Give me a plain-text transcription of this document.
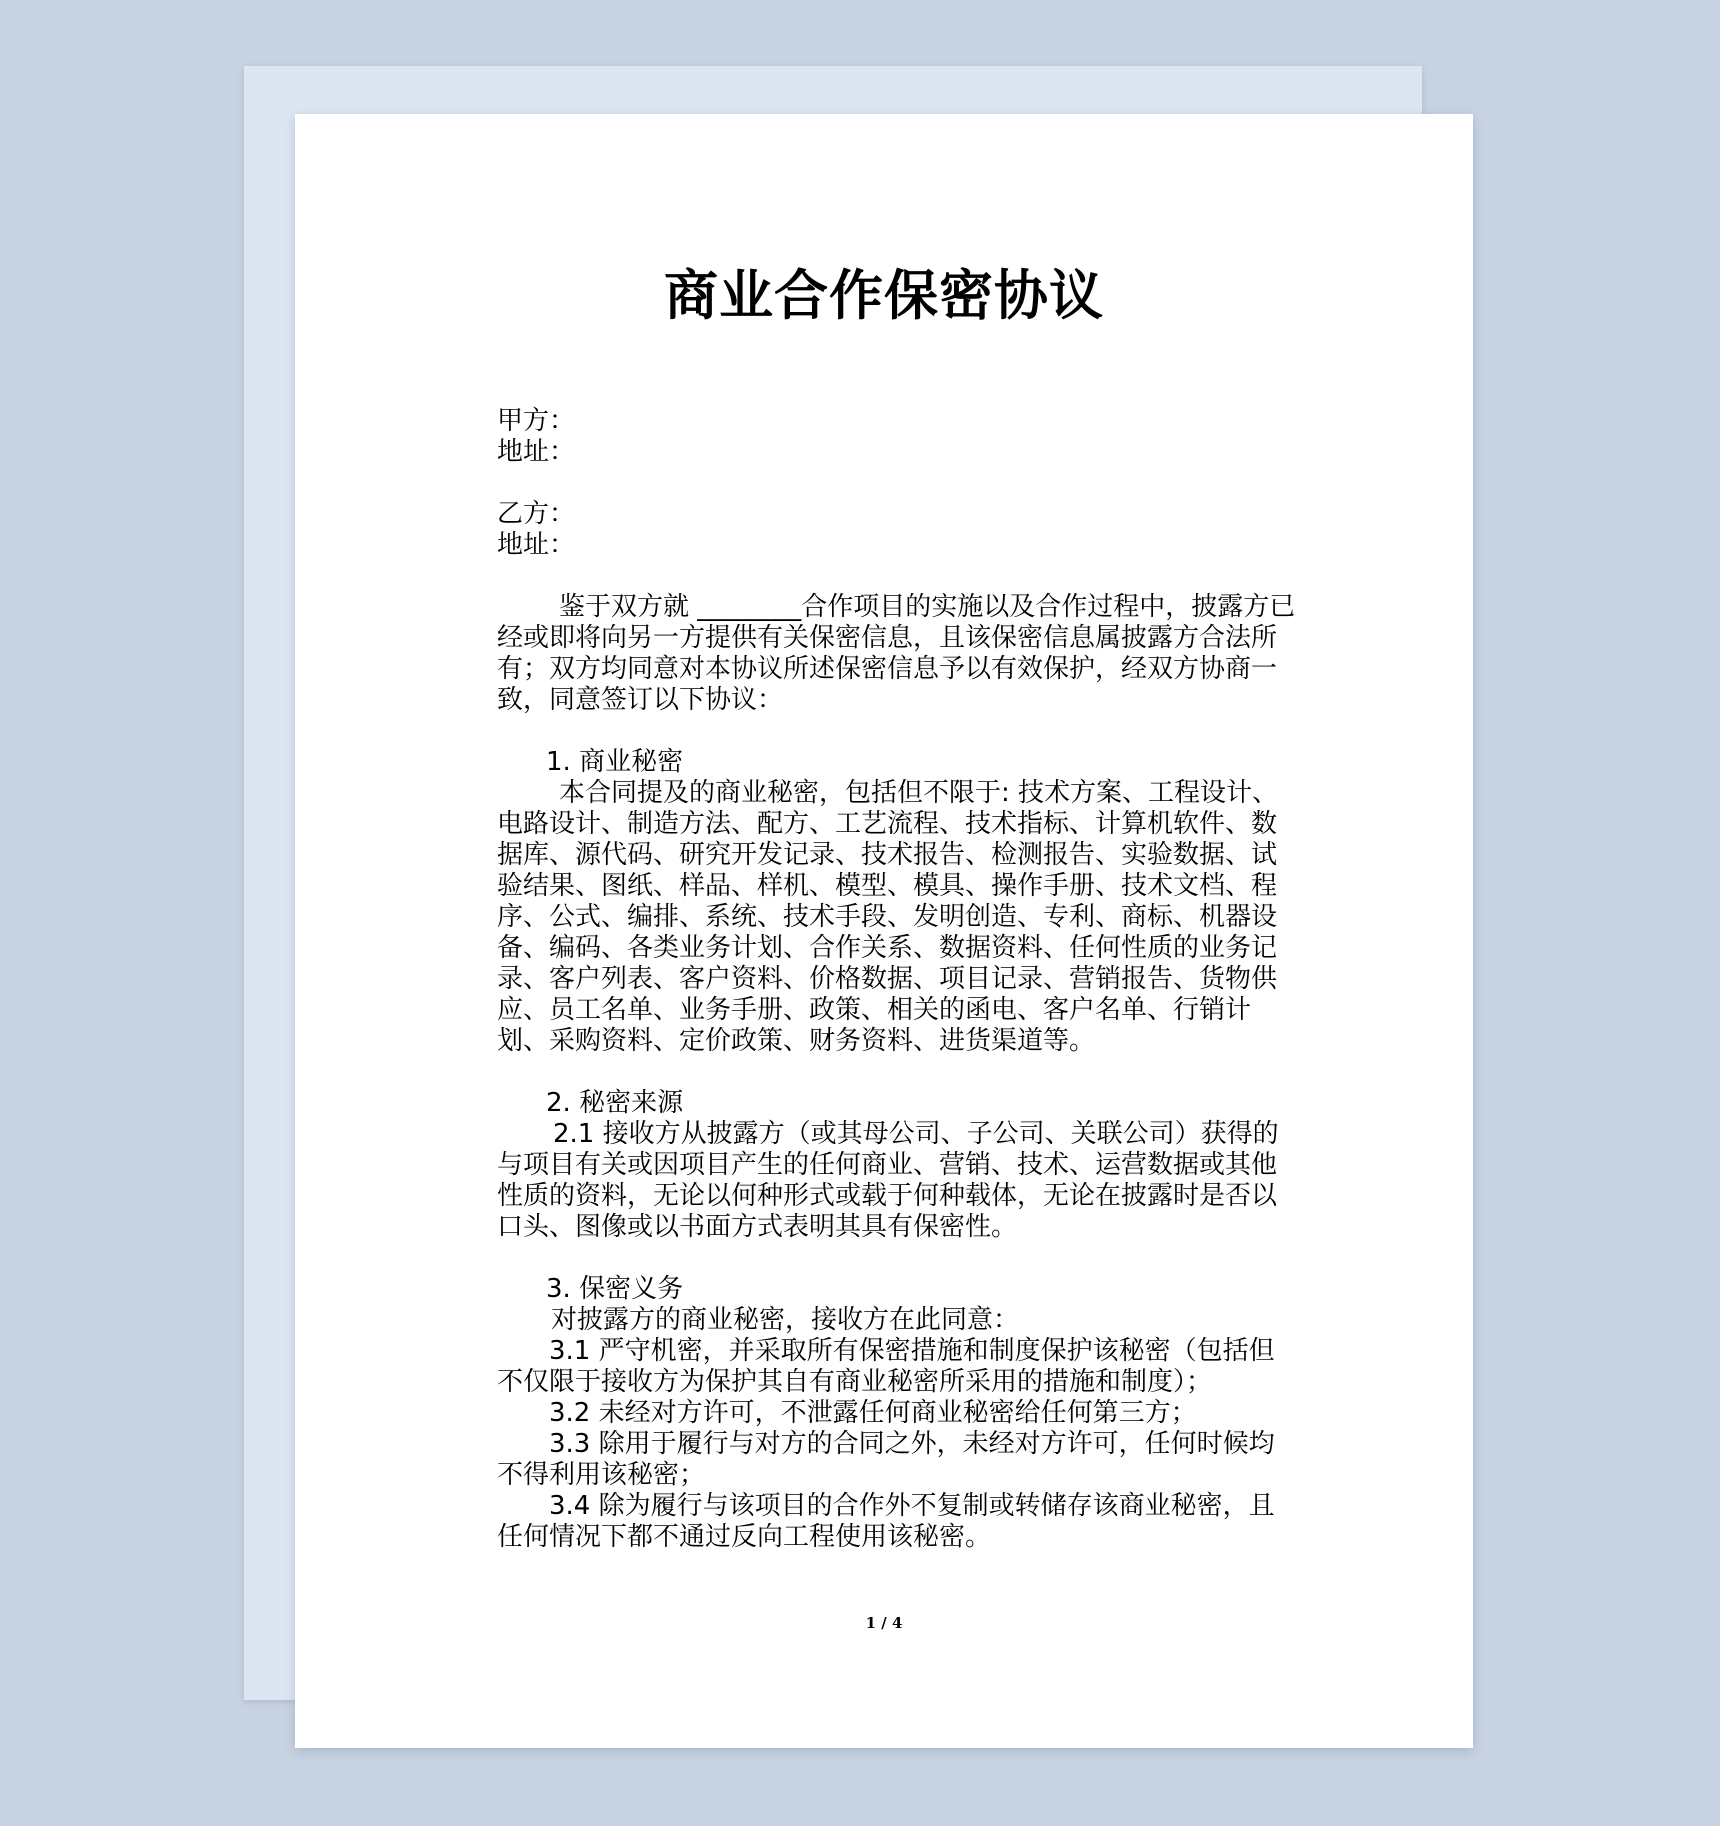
商业合作保密协议

甲方：

地址：

乙方：

地址：

鉴于双方就 ________合作项目的实施以及合作过程中，披露方已经或即将向另一方提供有关保密信息，且该保密信息属披露方合法所有；双方均同意对本协议所述保密信息予以有效保护，经双方协商一致，同意签订以下协议：

1. 商业秘密

本合同提及的商业秘密，包括但不限于: 技术方案、工程设计、电路设计、制造方法、配方、工艺流程、技术指标、计算机软件、数据库、源代码、研究开发记录、技术报告、检测报告、实验数据、试验结果、图纸、样品、样机、模型、模具、操作手册、技术文档、程序、公式、编排、系统、技术手段、发明创造、专利、商标、机器设备、编码、各类业务计划、合作关系、数据资料、任何性质的业务记录、客户列表、客户资料、价格数据、项目记录、营销报告、货物供应、员工名单、业务手册、政策、相关的函电、客户名单、行销计划、采购资料、定价政策、财务资料、进货渠道等。

2. 秘密来源

2.1 接收方从披露方（或其母公司、子公司、关联公司）获得的与项目有关或因项目产生的任何商业、营销、技术、运营数据或其他性质的资料，无论以何种形式或载于何种载体，无论在披露时是否以口头、图像或以书面方式表明其具有保密性。

3. 保密义务

对披露方的商业秘密，接收方在此同意：

3.1 严守机密，并采取所有保密措施和制度保护该秘密（包括但不仅限于接收方为保护其自有商业秘密所采用的措施和制度）；

3.2 未经对方许可，不泄露任何商业秘密给任何第三方；

3.3 除用于履行与对方的合同之外，未经对方许可，任何时候均不得利用该秘密；

3.4 除为履行与该项目的合作外不复制或转储存该商业秘密，且任何情况下都不通过反向工程使用该秘密。

1 / 4
